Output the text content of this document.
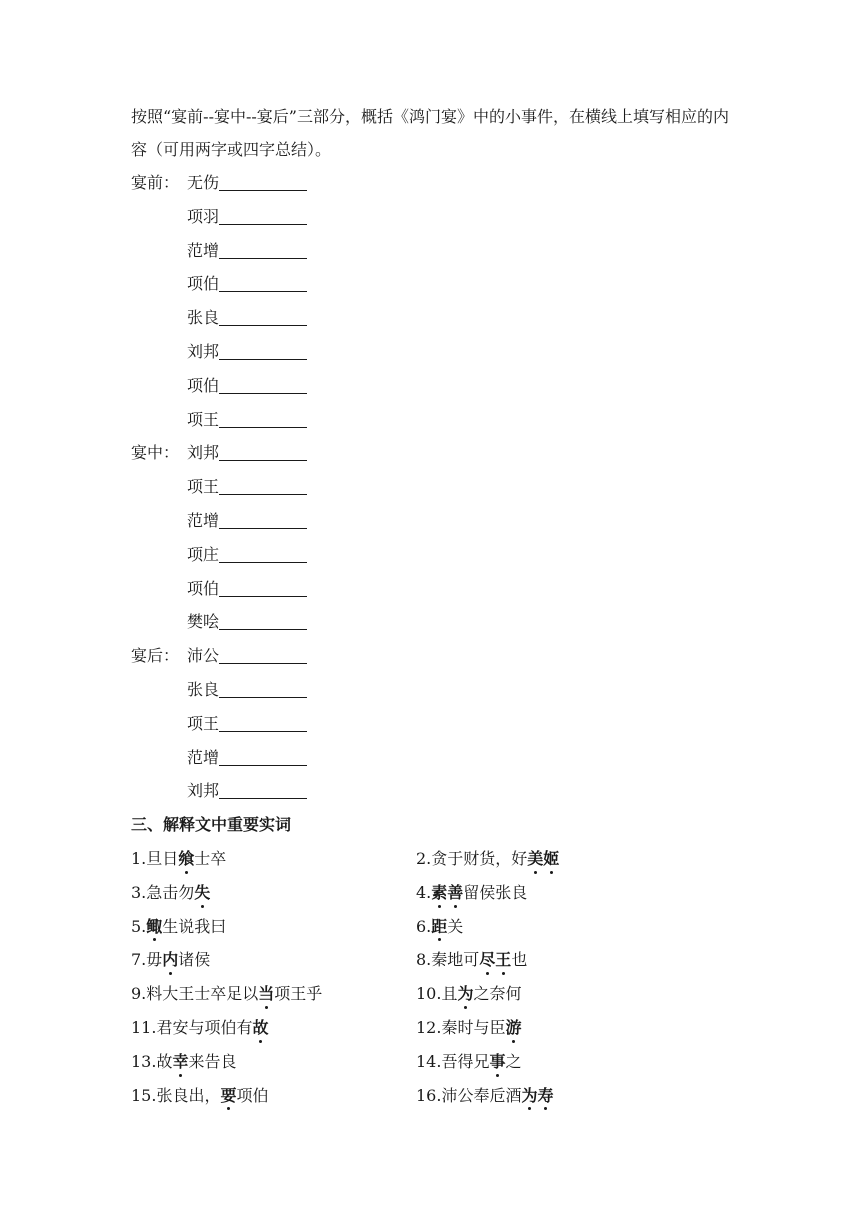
按照“宴前--宴中--宴后”三部分，概括《鸿门宴》中的小事件，在横线上填写相应的内容（可用两字或四字总结）。
宴前： 无伤
项羽
范增
项伯
张良
刘邦
项伯
项王
宴中： 刘邦
项王
范增
项庄
项伯
樊哙
宴后： 沛公
张良
项王
范增
刘邦
三、解释文中重要实词
1.旦日飨士卒	2.贪于财货，好美姬
3.急击勿失	4.素善留侯张良
5.鲰生说我曰	6.距关
7.毋内诸侯	8.秦地可尽王也
9.料大王士卒足以当项王乎	10.且为之奈何
11.君安与项伯有故	12.秦时与臣游
13.故幸来告良	14.吾得兄事之
15.张良出，要项伯	16.沛公奉卮酒为寿
